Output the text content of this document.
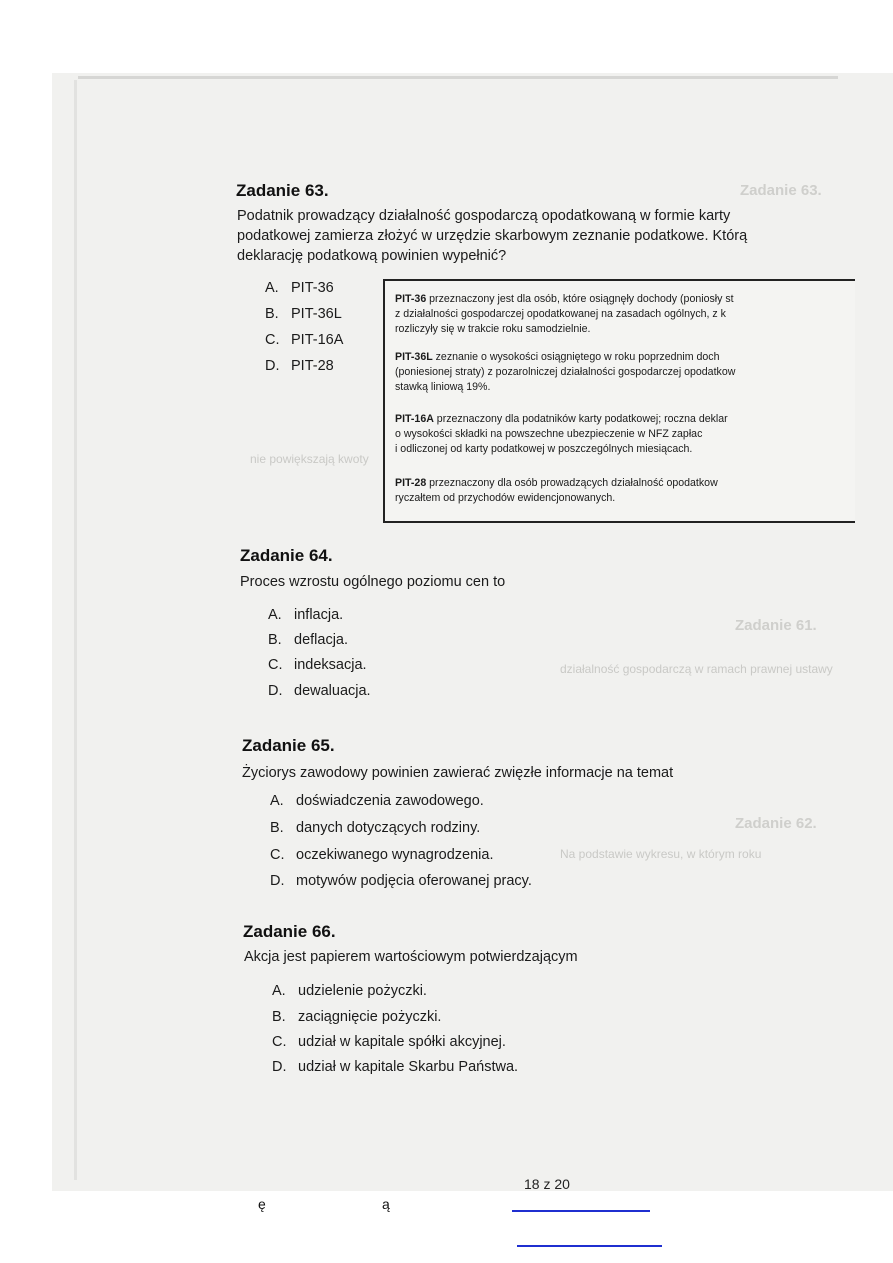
Zadanie 63.
nie powiększają kwoty
Zadanie 61.
działalność gospodarczą w ramach prawnej ustawy
Zadanie 62.
Na podstawie wykresu, w którym roku
Zadanie 63.
Podatnik prowadzący działalność gospodarczą opodatkowaną w formie karty
podatkowej zamierza złożyć w urzędzie skarbowym zeznanie podatkowe. Którą
deklarację podatkową powinien wypełnić?
A. PIT-36
B. PIT-36L
C. PIT-16A
D. PIT-28
PIT-36 przeznaczony jest dla osób, które osiągnęły dochody (poniosły st
z działalności gospodarczej opodatkowanej na zasadach ogólnych, z k
rozliczyły się w trakcie roku samodzielnie.
PIT-36L zeznanie o wysokości osiągniętego w roku poprzednim doch
(poniesionej straty) z pozarolniczej działalności gospodarczej opodatkow
stawką liniową 19%.
PIT-16A przeznaczony dla podatników karty podatkowej; roczna deklar
o wysokości składki na powszechne ubezpieczenie w NFZ zapłac
i odliczonej od karty podatkowej w poszczególnych miesiącach.
PIT-28 przeznaczony dla osób prowadzących działalność opodatkow
ryczałtem od przychodów ewidencjonowanych.
Zadanie 64.
Proces wzrostu ogólnego poziomu cen to
A. inflacja.
B. deflacja.
C. indeksacja.
D. dewaluacja.
Zadanie 65.
Życiorys zawodowy powinien zawierać zwięzłe informacje na temat
A. doświadczenia zawodowego.
B. danych dotyczących rodziny.
C. oczekiwanego wynagrodzenia.
D. motywów podjęcia oferowanej pracy.
Zadanie 66.
Akcja jest papierem wartościowym potwierdzającym
A. udzielenie pożyczki.
B. zaciągnięcie pożyczki.
C. udział w kapitale spółki akcyjnej.
D. udział w kapitale Skarbu Państwa.
18 z 20
ę	ą
